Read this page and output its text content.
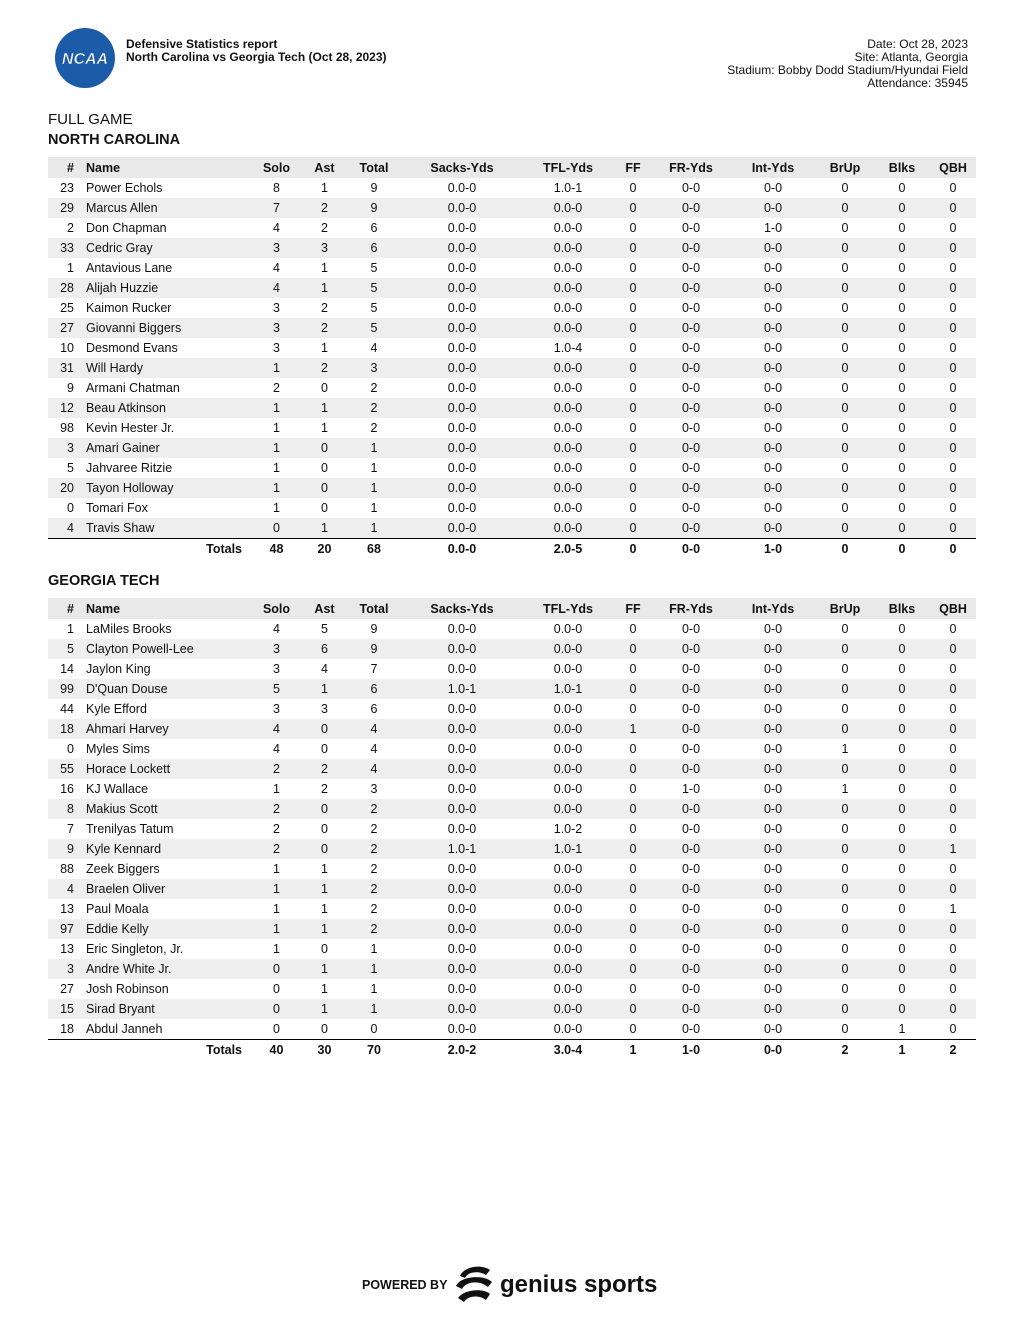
NCAA
Defensive Statistics report
North Carolina vs Georgia Tech (Oct 28, 2023)
Date: Oct 28, 2023
Site: Atlanta, Georgia
Stadium: Bobby Dodd Stadium/Hyundai Field
Attendance: 35945
FULL GAME
NORTH CAROLINA
#	Name	Solo	Ast	Total	Sacks-Yds	TFL-Yds	FF	FR-Yds	Int-Yds	BrUp	Blks	QBH
23	Power Echols	8	1	9	0.0-0	1.0-1	0	0-0	0-0	0	0	0
29	Marcus Allen	7	2	9	0.0-0	0.0-0	0	0-0	0-0	0	0	0
2	Don Chapman	4	2	6	0.0-0	0.0-0	0	0-0	1-0	0	0	0
33	Cedric Gray	3	3	6	0.0-0	0.0-0	0	0-0	0-0	0	0	0
1	Antavious Lane	4	1	5	0.0-0	0.0-0	0	0-0	0-0	0	0	0
28	Alijah Huzzie	4	1	5	0.0-0	0.0-0	0	0-0	0-0	0	0	0
25	Kaimon Rucker	3	2	5	0.0-0	0.0-0	0	0-0	0-0	0	0	0
27	Giovanni Biggers	3	2	5	0.0-0	0.0-0	0	0-0	0-0	0	0	0
10	Desmond Evans	3	1	4	0.0-0	1.0-4	0	0-0	0-0	0	0	0
31	Will Hardy	1	2	3	0.0-0	0.0-0	0	0-0	0-0	0	0	0
9	Armani Chatman	2	0	2	0.0-0	0.0-0	0	0-0	0-0	0	0	0
12	Beau Atkinson	1	1	2	0.0-0	0.0-0	0	0-0	0-0	0	0	0
98	Kevin Hester Jr.	1	1	2	0.0-0	0.0-0	0	0-0	0-0	0	0	0
3	Amari Gainer	1	0	1	0.0-0	0.0-0	0	0-0	0-0	0	0	0
5	Jahvaree Ritzie	1	0	1	0.0-0	0.0-0	0	0-0	0-0	0	0	0
20	Tayon Holloway	1	0	1	0.0-0	0.0-0	0	0-0	0-0	0	0	0
0	Tomari Fox	1	0	1	0.0-0	0.0-0	0	0-0	0-0	0	0	0
4	Travis Shaw	0	1	1	0.0-0	0.0-0	0	0-0	0-0	0	0	0
Totals		48	20	68	0.0-0	2.0-5	0	0-0	1-0	0	0	0
GEORGIA TECH
#	Name	Solo	Ast	Total	Sacks-Yds	TFL-Yds	FF	FR-Yds	Int-Yds	BrUp	Blks	QBH
1	LaMiles Brooks	4	5	9	0.0-0	0.0-0	0	0-0	0-0	0	0	0
5	Clayton Powell-Lee	3	6	9	0.0-0	0.0-0	0	0-0	0-0	0	0	0
14	Jaylon King	3	4	7	0.0-0	0.0-0	0	0-0	0-0	0	0	0
99	D'Quan Douse	5	1	6	1.0-1	1.0-1	0	0-0	0-0	0	0	0
44	Kyle Efford	3	3	6	0.0-0	0.0-0	0	0-0	0-0	0	0	0
18	Ahmari Harvey	4	0	4	0.0-0	0.0-0	1	0-0	0-0	0	0	0
0	Myles Sims	4	0	4	0.0-0	0.0-0	0	0-0	0-0	1	0	0
55	Horace Lockett	2	2	4	0.0-0	0.0-0	0	0-0	0-0	0	0	0
16	KJ Wallace	1	2	3	0.0-0	0.0-0	0	1-0	0-0	1	0	0
8	Makius Scott	2	0	2	0.0-0	0.0-0	0	0-0	0-0	0	0	0
7	Trenilyas Tatum	2	0	2	0.0-0	1.0-2	0	0-0	0-0	0	0	0
9	Kyle Kennard	2	0	2	1.0-1	1.0-1	0	0-0	0-0	0	0	1
88	Zeek Biggers	1	1	2	0.0-0	0.0-0	0	0-0	0-0	0	0	0
4	Braelen Oliver	1	1	2	0.0-0	0.0-0	0	0-0	0-0	0	0	0
13	Paul Moala	1	1	2	0.0-0	0.0-0	0	0-0	0-0	0	0	1
97	Eddie Kelly	1	1	2	0.0-0	0.0-0	0	0-0	0-0	0	0	0
13	Eric Singleton, Jr.	1	0	1	0.0-0	0.0-0	0	0-0	0-0	0	0	0
3	Andre White Jr.	0	1	1	0.0-0	0.0-0	0	0-0	0-0	0	0	0
27	Josh Robinson	0	1	1	0.0-0	0.0-0	0	0-0	0-0	0	0	0
15	Sirad Bryant	0	1	1	0.0-0	0.0-0	0	0-0	0-0	0	0	0
18	Abdul Janneh	0	0	0	0.0-0	0.0-0	0	0-0	0-0	0	1	0
Totals		40	30	70	2.0-2	3.0-4	1	1-0	0-0	2	1	2
POWERED BY genius sports
